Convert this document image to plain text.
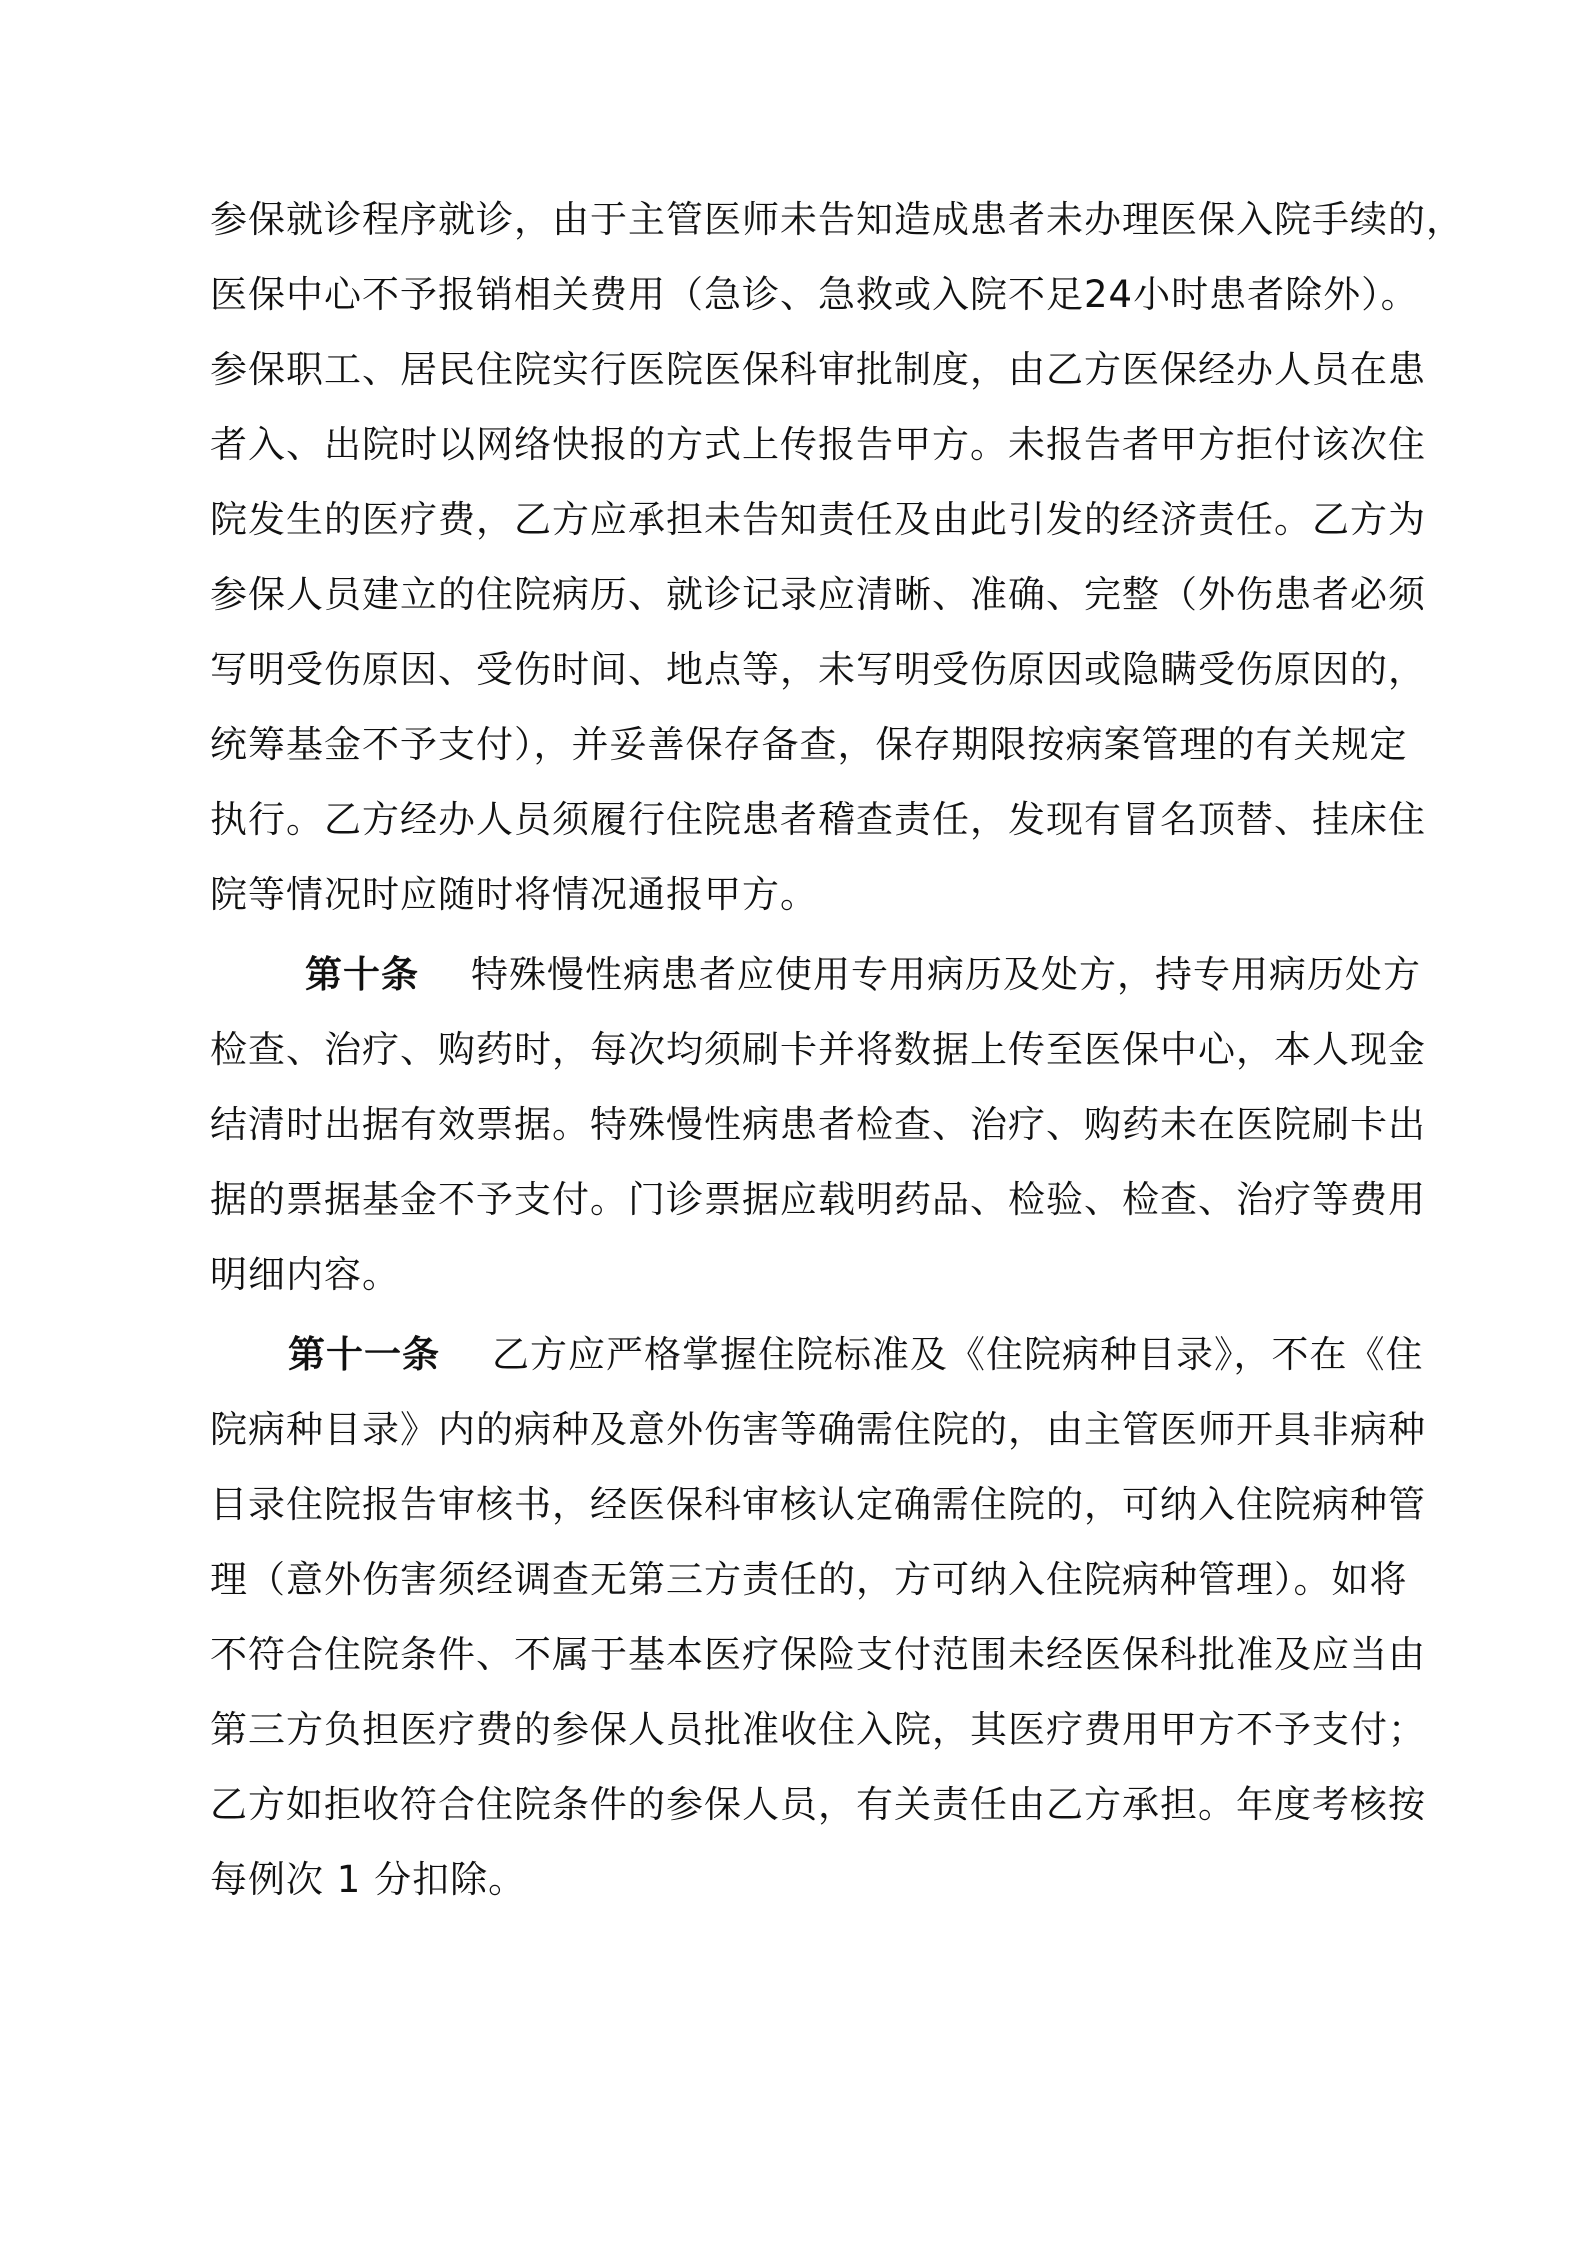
参保就诊程序就诊，由于主管医师未告知造成患者未办理医保入院手续的，
医保中心不予报销相关费用（急诊、急救或入院不足24小时患者除外）。
参保职工、居民住院实行医院医保科审批制度，由乙方医保经办人员在患
者入、出院时以网络快报的方式上传报告甲方。未报告者甲方拒付该次住
院发生的医疗费，乙方应承担未告知责任及由此引发的经济责任。乙方为
参保人员建立的住院病历、就诊记录应清晰、准确、完整（外伤患者必须
写明受伤原因、受伤时间、地点等，未写明受伤原因或隐瞒受伤原因的，
统筹基金不予支付），并妥善保存备查，保存期限按病案管理的有关规定
执行。乙方经办人员须履行住院患者稽查责任，发现有冒名顶替、挂床住
院等情况时应随时将情况通报甲方。
第十条 特殊慢性病患者应使用专用病历及处方，持专用病历处方
检查、治疗、购药时，每次均须刷卡并将数据上传至医保中心，本人现金
结清时出据有效票据。特殊慢性病患者检查、治疗、购药未在医院刷卡出
据的票据基金不予支付。门诊票据应载明药品、检验、检查、治疗等费用
明细内容。
第十一条 乙方应严格掌握住院标准及《住院病种目录》，不在《住
院病种目录》内的病种及意外伤害等确需住院的，由主管医师开具非病种
目录住院报告审核书，经医保科审核认定确需住院的，可纳入住院病种管
理（意外伤害须经调查无第三方责任的，方可纳入住院病种管理）。如将
不符合住院条件、不属于基本医疗保险支付范围未经医保科批准及应当由
第三方负担医疗费的参保人员批准收住入院，其医疗费用甲方不予支付；
乙方如拒收符合住院条件的参保人员，有关责任由乙方承担。年度考核按
每例次 1 分扣除。
